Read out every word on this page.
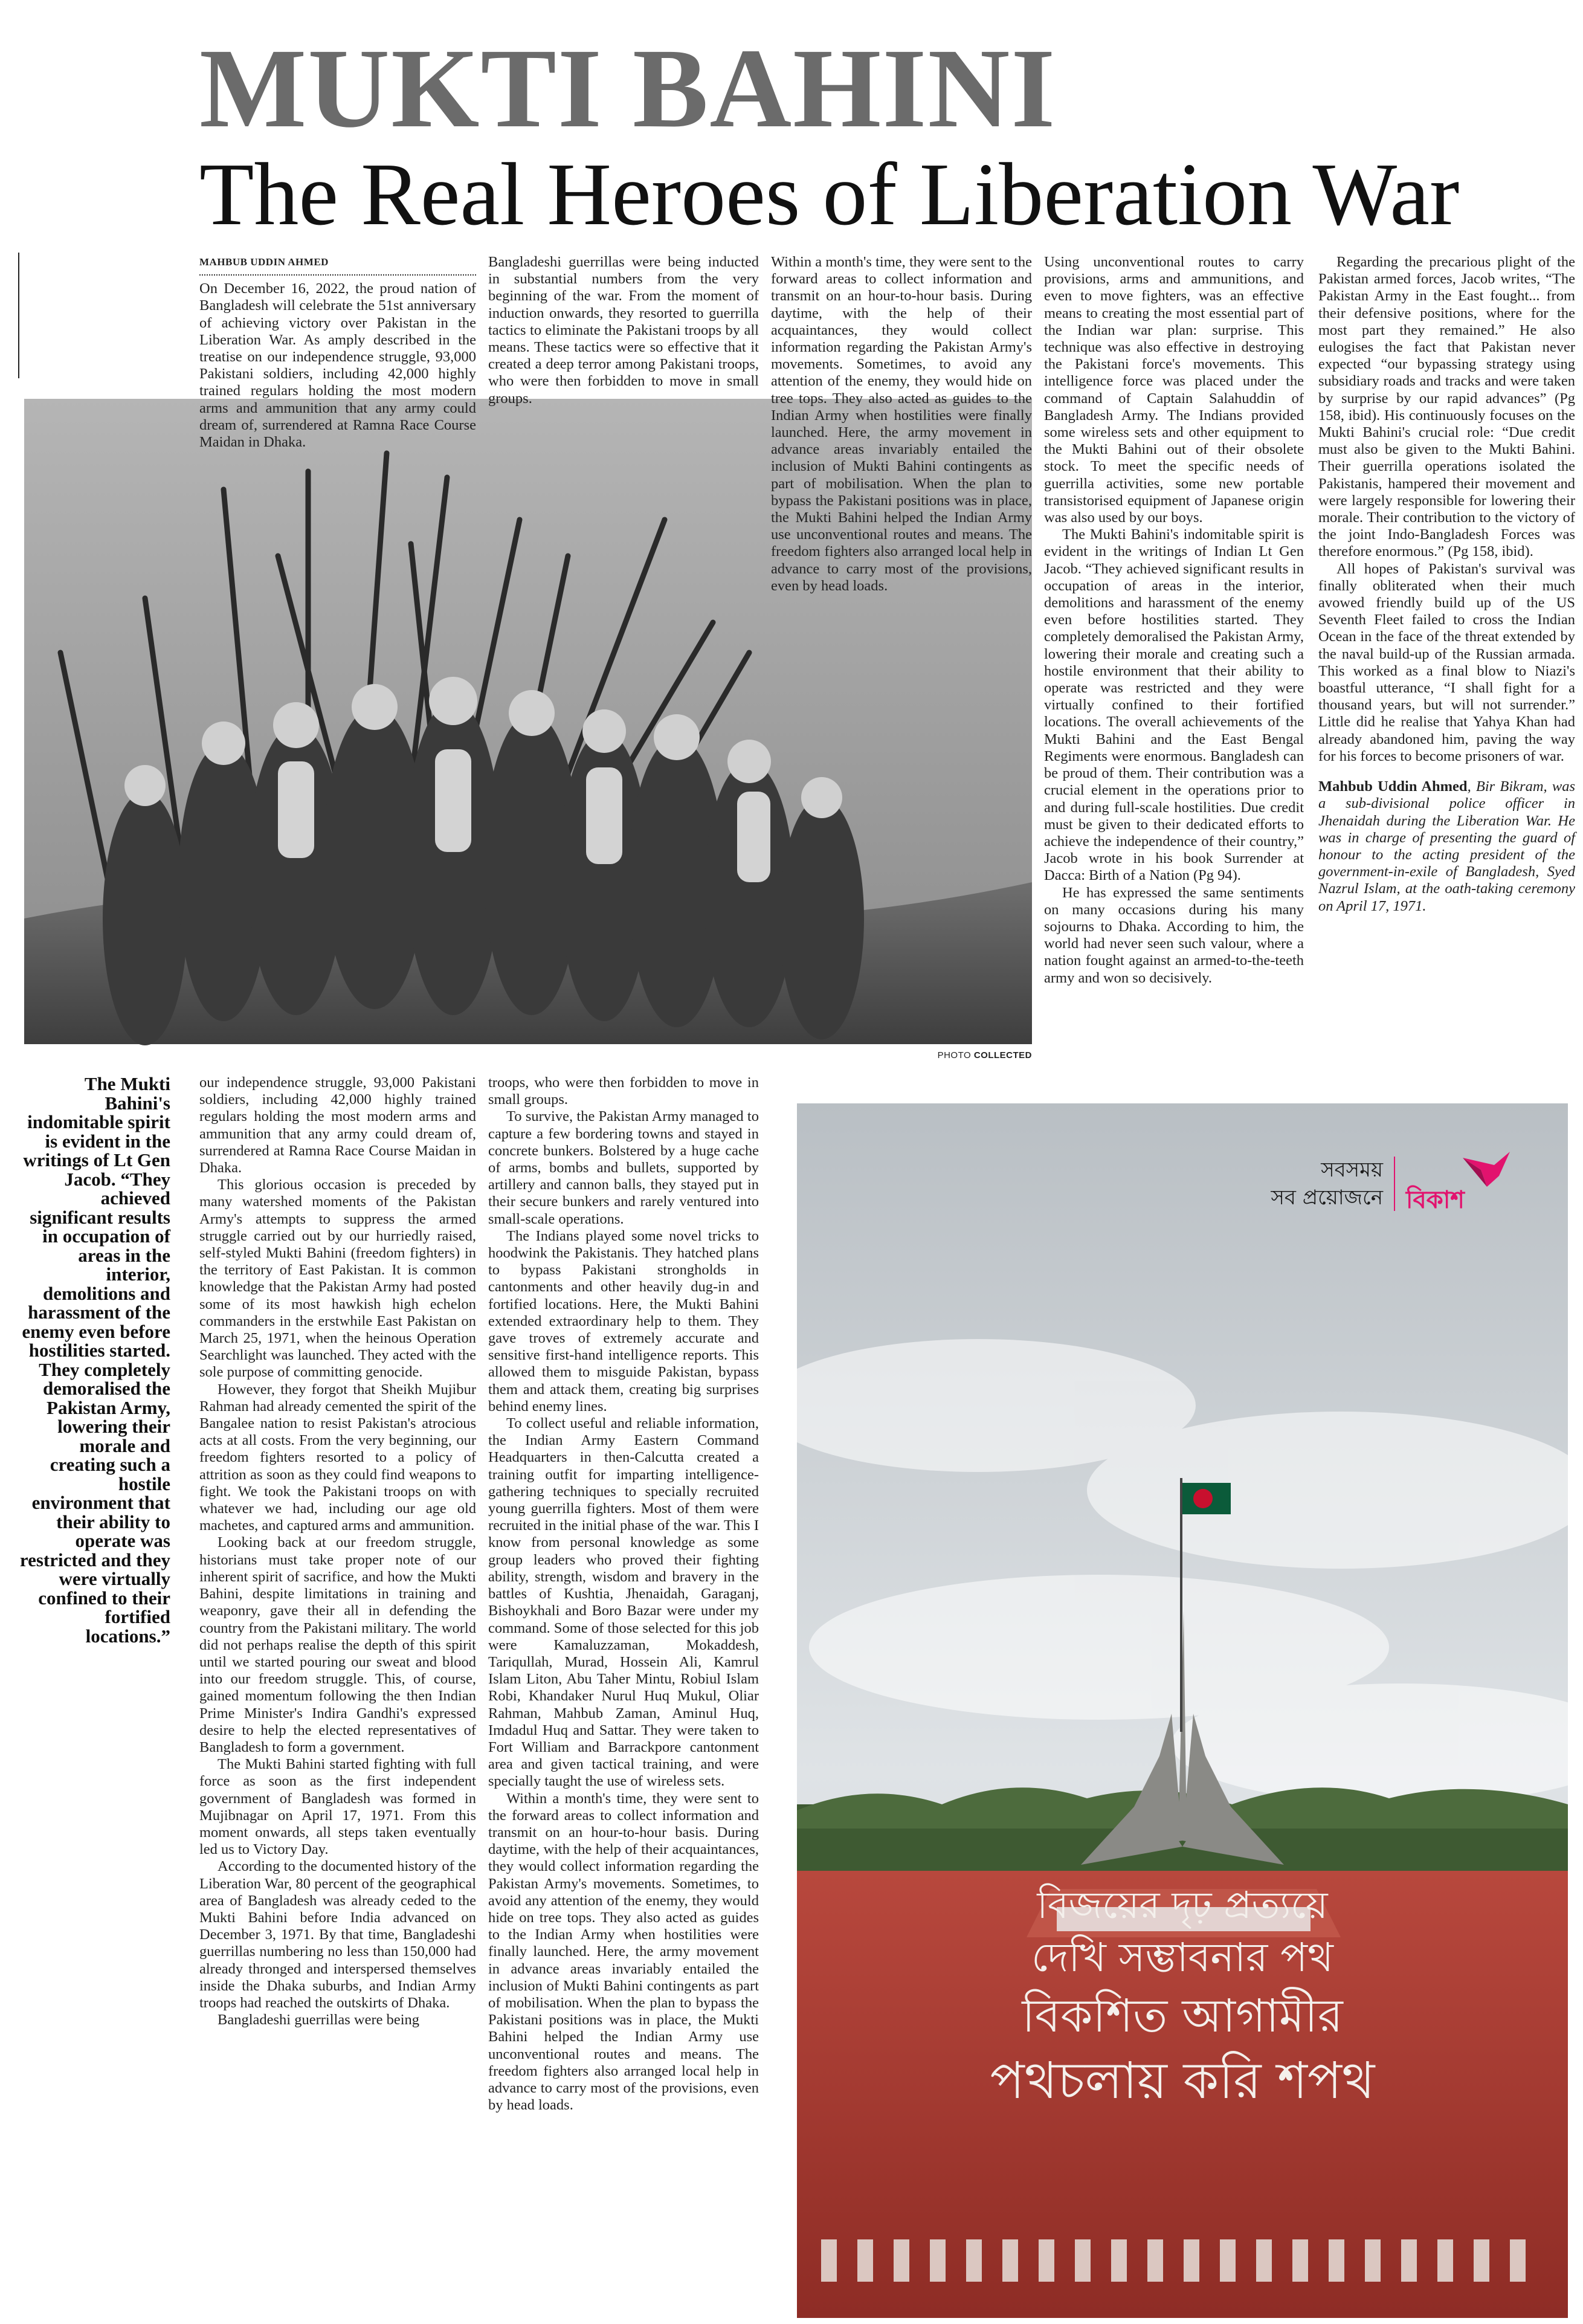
MUKTI BAHINI
The Real Heroes of Liberation War
PHOTO COLLECTED

MAHBUB UDDIN AHMED

On December 16, 2022, the proud nation of Bangladesh will celebrate the 51st anniversary of achieving victory over Pakistan in the Liberation War. As amply described in the treatise on our independence struggle, 93,000 Pakistani soldiers, including 42,000 highly trained regulars holding the most modern arms and ammunition that any army could dream of, surrendered at Ramna Race Course Maidan in Dhaka.

Bangladeshi guerrillas were being inducted in substantial numbers from the very beginning of the war. From the moment of induction onwards, they resorted to guerrilla tactics to eliminate the Pakistani troops by all means. These tactics were so effective that it created a deep terror among Pakistani troops, who were then forbidden to move in small groups.

Within a month's time, they were sent to the forward areas to collect information and transmit on an hour-to-hour basis. During daytime, with the help of their acquaintances, they would collect information regarding the Pakistan Army's movements. Sometimes, to avoid any attention of the enemy, they would hide on tree tops. They also acted as guides to the Indian Army when hostilities were finally launched. Here, the army movement in advance areas invariably entailed the inclusion of Mukti Bahini contingents as part of mobilisation. When the plan to bypass the Pakistani positions was in place, the Mukti Bahini helped the Indian Army use unconventional routes and means. The freedom fighters also arranged local help in advance to carry most of the provisions, even by head loads.

Using unconventional routes to carry provisions, arms and ammunitions, and even to move fighters, was an effective means to creating the most essential part of the Indian war plan: surprise. This technique was also effective in destroying the Pakistani force's movements. This intelligence force was placed under the command of Captain Salahuddin of Bangladesh Army. The Indians provided some wireless sets and other equipment to the Mukti Bahini out of their obsolete stock. To meet the specific needs of guerrilla activities, some new portable transistorised equipment of Japanese origin was also used by our boys.

The Mukti Bahini's indomitable spirit is evident in the writings of Indian Lt Gen Jacob. “They achieved significant results in occupation of areas in the interior, demolitions and harassment of the enemy even before hostilities started. They completely demoralised the Pakistan Army, lowering their morale and creating such a hostile environment that their ability to operate was restricted and they were virtually confined to their fortified locations. The overall achievements of the Mukti Bahini and the East Bengal Regiments were enormous. Bangladesh can be proud of them. Their contribution was a crucial element in the operations prior to and during full-scale hostilities. Due credit must be given to their dedicated efforts to achieve the independence of their country,” Jacob wrote in his book Surrender at Dacca: Birth of a Nation (Pg 94).

He has expressed the same sentiments on many occasions during his many sojourns to Dhaka. According to him, the world had never seen such valour, where a nation fought against an armed-to-the-teeth army and won so decisively.

Regarding the precarious plight of the Pakistan armed forces, Jacob writes, “The Pakistan Army in the East fought... from their defensive positions, where for the most part they remained.” He also eulogises the fact that Pakistan never expected “our bypassing strategy using subsidiary roads and tracks and were taken by surprise by our rapid advances” (Pg 158, ibid). His continuously focuses on the Mukti Bahini's crucial role: “Due credit must also be given to the Mukti Bahini. Their guerrilla operations isolated the Pakistanis, hampered their movement and were largely responsible for lowering their morale. Their contribution to the victory of the joint Indo-Bangladesh Forces was therefore enormous.” (Pg 158, ibid).

All hopes of Pakistan's survival was finally obliterated when their much avowed friendly build up of the US Seventh Fleet failed to cross the Indian Ocean in the face of the threat extended by the naval build-up of the Russian armada. This worked as a final blow to Niazi's boastful utterance, “I shall fight for a thousand years, but will not surrender.” Little did he realise that Yahya Khan had already abandoned him, paving the way for his forces to become prisoners of war.

Mahbub Uddin Ahmed, Bir Bikram, was a sub-divisional police officer in Jhenaidah during the Liberation War. He was in charge of presenting the guard of honour to the acting president of the government-in-exile of Bangladesh, Syed Nazrul Islam, at the oath-taking ceremony on April 17, 1971.

The Mukti Bahini's indomitable spirit is evident in the writings of Lt Gen Jacob. “They achieved significant results in occupation of areas in the interior, demolitions and harassment of the enemy even before hostilities started. They completely demoralised the Pakistan Army, lowering their morale and creating such a hostile environment that their ability to operate was restricted and they were virtually confined to their fortified locations.”

our independence struggle, 93,000 Pakistani soldiers, including 42,000 highly trained regulars holding the most modern arms and ammunition that any army could dream of, surrendered at Ramna Race Course Maidan in Dhaka.

This glorious occasion is preceded by many watershed moments of the Pakistan Army's attempts to suppress the armed struggle carried out by our hurriedly raised, self-styled Mukti Bahini (freedom fighters) in the territory of East Pakistan. It is common knowledge that the Pakistan Army had posted some of its most hawkish high echelon commanders in the erstwhile East Pakistan on March 25, 1971, when the heinous Operation Searchlight was launched. They acted with the sole purpose of committing genocide.

However, they forgot that Sheikh Mujibur Rahman had already cemented the spirit of the Bangalee nation to resist Pakistan's atrocious acts at all costs. From the very beginning, our freedom fighters resorted to a policy of attrition as soon as they could find weapons to fight. We took the Pakistani troops on with whatever we had, including our age old machetes, and captured arms and ammunition.

Looking back at our freedom struggle, historians must take proper note of our inherent spirit of sacrifice, and how the Mukti Bahini, despite limitations in training and weaponry, gave their all in defending the country from the Pakistani military. The world did not perhaps realise the depth of this spirit until we started pouring our sweat and blood into our freedom struggle. This, of course, gained momentum following the then Indian Prime Minister's Indira Gandhi's expressed desire to help the elected representatives of Bangladesh to form a government.

The Mukti Bahini started fighting with full force as soon as the first independent government of Bangladesh was formed in Mujibnagar on April 17, 1971. From this moment onwards, all steps taken eventually led us to Victory Day.

According to the documented history of the Liberation War, 80 percent of the geographical area of Bangladesh was already ceded to the Mukti Bahini before India advanced on December 3, 1971. By that time, Bangladeshi guerrillas numbering no less than 150,000 had already thronged and interspersed themselves inside the Dhaka suburbs, and Indian Army troops had reached the outskirts of Dhaka.

Bangladeshi guerrillas were being

troops, who were then forbidden to move in small groups.

To survive, the Pakistan Army managed to capture a few bordering towns and stayed in concrete bunkers. Bolstered by a huge cache of arms, bombs and bullets, supported by artillery and cannon balls, they stayed put in their secure bunkers and rarely ventured into small-scale operations.

The Indians played some novel tricks to hoodwink the Pakistanis. They hatched plans to bypass Pakistani strongholds in cantonments and other heavily dug-in and fortified locations. Here, the Mukti Bahini extended extraordinary help to them. They gave troves of extremely accurate and sensitive first-hand intelligence reports. This allowed them to misguide Pakistan, bypass them and attack them, creating big surprises behind enemy lines.

To collect useful and reliable information, the Indian Army Eastern Command Headquarters in then-Calcutta created a training outfit for imparting intelligence-gathering techniques to specially recruited young guerrilla fighters. Most of them were recruited in the initial phase of the war. This I know from personal knowledge as some group leaders who proved their fighting ability, strength, wisdom and bravery in the battles of Kushtia, Jhenaidah, Garaganj, Bishoykhali and Boro Bazar were under my command. Some of those selected for this job were Kamaluzzaman, Mokaddesh, Tariqullah, Murad, Hossein Ali, Kamrul Islam Liton, Abu Taher Mintu, Robiul Islam Robi, Khandaker Nurul Huq Mukul, Oliar Rahman, Mahbub Zaman, Aminul Huq, Imdadul Huq and Sattar. They were taken to Fort William and Barrackpore cantonment area and given tactical training, and were specially taught the use of wireless sets.

Within a month's time, they were sent to the forward areas to collect information and transmit on an hour-to-hour basis. During daytime, with the help of their acquaintances, they would collect information regarding the Pakistan Army's movements. Sometimes, to avoid any attention of the enemy, they would hide on tree tops. They also acted as guides to the Indian Army when hostilities were finally launched. Here, the army movement in advance areas invariably entailed the inclusion of Mukti Bahini contingents as part of mobilisation. When the plan to bypass the Pakistani positions was in place, the Mukti Bahini helped the Indian Army use unconventional routes and means. The freedom fighters also arranged local help in advance to carry most of the provisions, even by head loads.

সবসময়
সব প্রয়োজনে বিকাশ
বিজয়ের দৃঢ় প্রত্যয়ে
দেখি সম্ভাবনার পথ
বিকশিত আগামীর
পথচলায় করি শপথ
